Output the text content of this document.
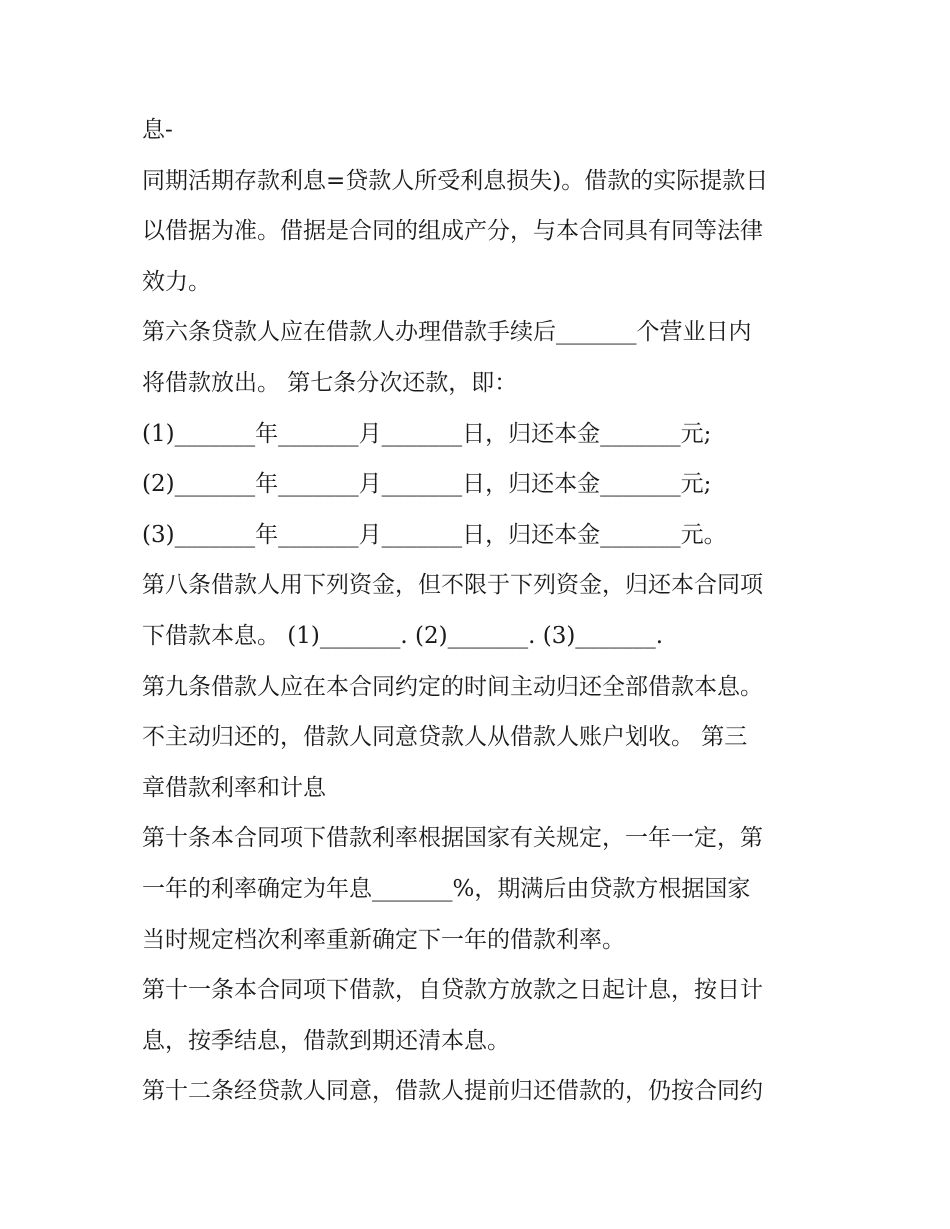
息-
同期活期存款利息=贷款人所受利息损失)。借款的实际提款日
以借据为准。借据是合同的组成产分，与本合同具有同等法律
效力。
第六条贷款人应在借款人办理借款手续后_______个营业日内
将借款放出。 第七条分次还款，即：
(1)_______年_______月_______日，归还本金_______元;
(2)_______年_______月_______日，归还本金_______元;
(3)_______年_______月_______日，归还本金_______元。
第八条借款人用下列资金，但不限于下列资金，归还本合同项
下借款本息。 (1)_______. (2)_______. (3)_______.
第九条借款人应在本合同约定的时间主动归还全部借款本息。
不主动归还的，借款人同意贷款人从借款人账户划收。 第三
章借款利率和计息
第十条本合同项下借款利率根据国家有关规定，一年一定，第
一年的利率确定为年息_______%，期满后由贷款方根据国家
当时规定档次利率重新确定下一年的借款利率。
第十一条本合同项下借款，自贷款方放款之日起计息，按日计
息，按季结息，借款到期还清本息。
第十二条经贷款人同意，借款人提前归还借款的，仍按合同约
